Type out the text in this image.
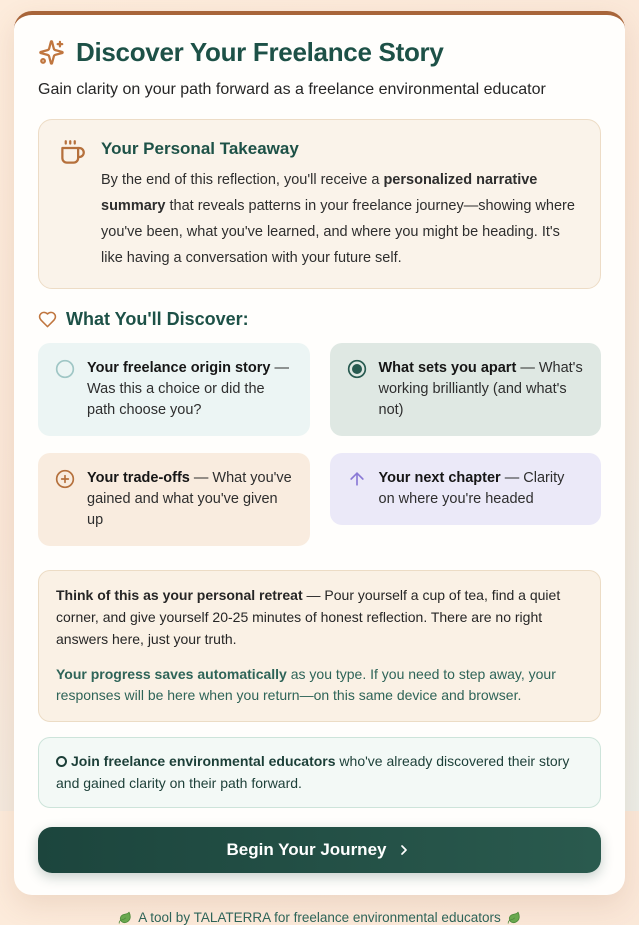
Discover Your Freelance Story
Gain clarity on your path forward as a freelance environmental educator
Your Personal Takeaway

By the end of this reflection, you'll receive a personalized narrative summary that reveals patterns in your freelance journey—showing where you've been, what you've learned, and where you might be heading. It's like having a conversation with your future self.

What You'll Discover:
Your freelance origin story — Was this a choice or did the path choose you?
What sets you apart — What's working brilliantly (and what's not)
Your trade-offs — What you've gained and what you've given up
Your next chapter — Clarity on where you're headed

Think of this as your personal retreat — Pour yourself a cup of tea, find a quiet corner, and give yourself 20-25 minutes of honest reflection. There are no right answers here, just your truth.

Your progress saves automatically as you type. If you need to step away, your responses will be here when you return—on this same device and browser.

Join freelance environmental educators who've already discovered their story and gained clarity on their path forward.
Begin Your Journey
A tool by TALATERRA for freelance environmental educators
